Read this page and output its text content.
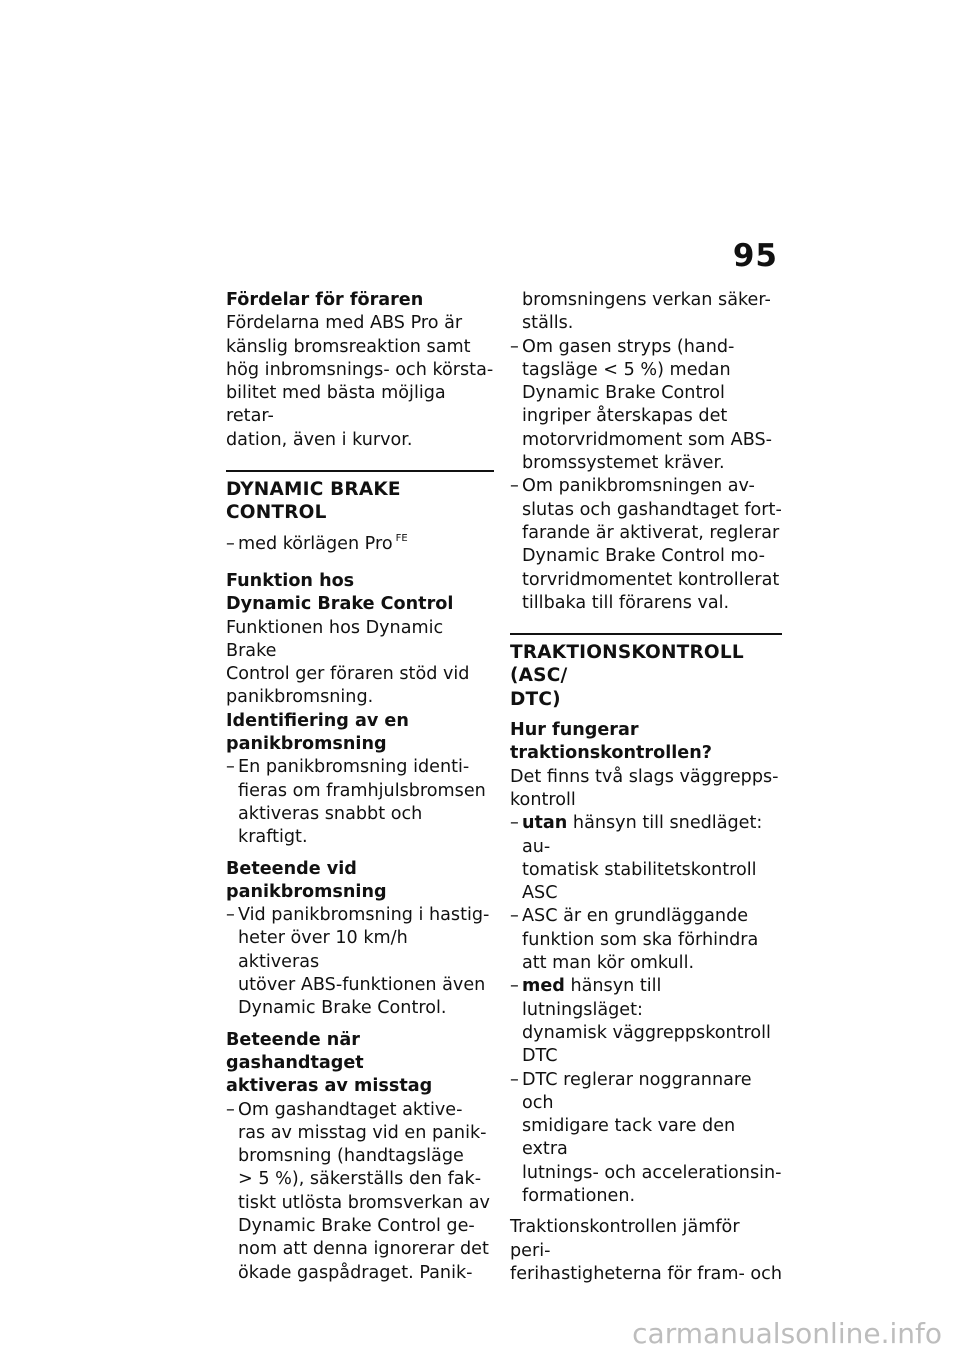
95
Fördelar för föraren
Fördelarna med ABS Pro är
känslig bromsreaktion samt
hög inbromsnings- och körsta-
bilitet med bästa möjliga retar-
dation, även i kurvor.
DYNAMIC BRAKE CONTROL
– med körlägen Pro $^{FE}$
Funktion hos
Dynamic Brake Control
Funktionen hos Dynamic Brake
Control ger föraren stöd vid
panikbromsning.
Identifiering av en
panikbromsning
– En panikbromsning identi-
fieras om framhjulsbromsen
aktiveras snabbt och kraftigt.
Beteende vid panikbromsning
– Vid panikbromsning i hastig-
heter över 10 km/h aktiveras
utöver ABS-funktionen även
Dynamic Brake Control.
Beteende när gashandtaget
aktiveras av misstag
– Om gashandtaget aktive-
ras av misstag vid en panik-
bromsning (handtagsläge
> 5 %), säkerställs den fak-
tiskt utlösta bromsverkan av
Dynamic Brake Control ge-
nom att denna ignorerar det
ökade gaspådraget. Panik-
bromsningens verkan säker-
ställs.
– Om gasen stryps (hand-
tagsläge < 5 %) medan
Dynamic Brake Control
ingriper återskapas det
motorvridmoment som ABS-
bromssystemet kräver.
– Om panikbromsningen av-
slutas och gashandtaget fort-
farande är aktiverat, reglerar
Dynamic Brake Control mo-
torvridmomentet kontrollerat
tillbaka till förarens val.
TRAKTIONSKONTROLL (ASC/
DTC)
Hur fungerar
traktionskontrollen?
Det finns två slags väggrepps-
kontroll
– utan hänsyn till snedläget: au-
tomatisk stabilitetskontroll
ASC
– ASC är en grundläggande
funktion som ska förhindra
att man kör omkull.
– med hänsyn till lutningsläget:
dynamisk väggreppskontroll
DTC
– DTC reglerar noggrannare och
smidigare tack vare den extra
lutnings- och accelerationsin-
formationen.
Traktionskontrollen jämför peri-
ferihastigheterna för fram- och
carmanualsonline.info
